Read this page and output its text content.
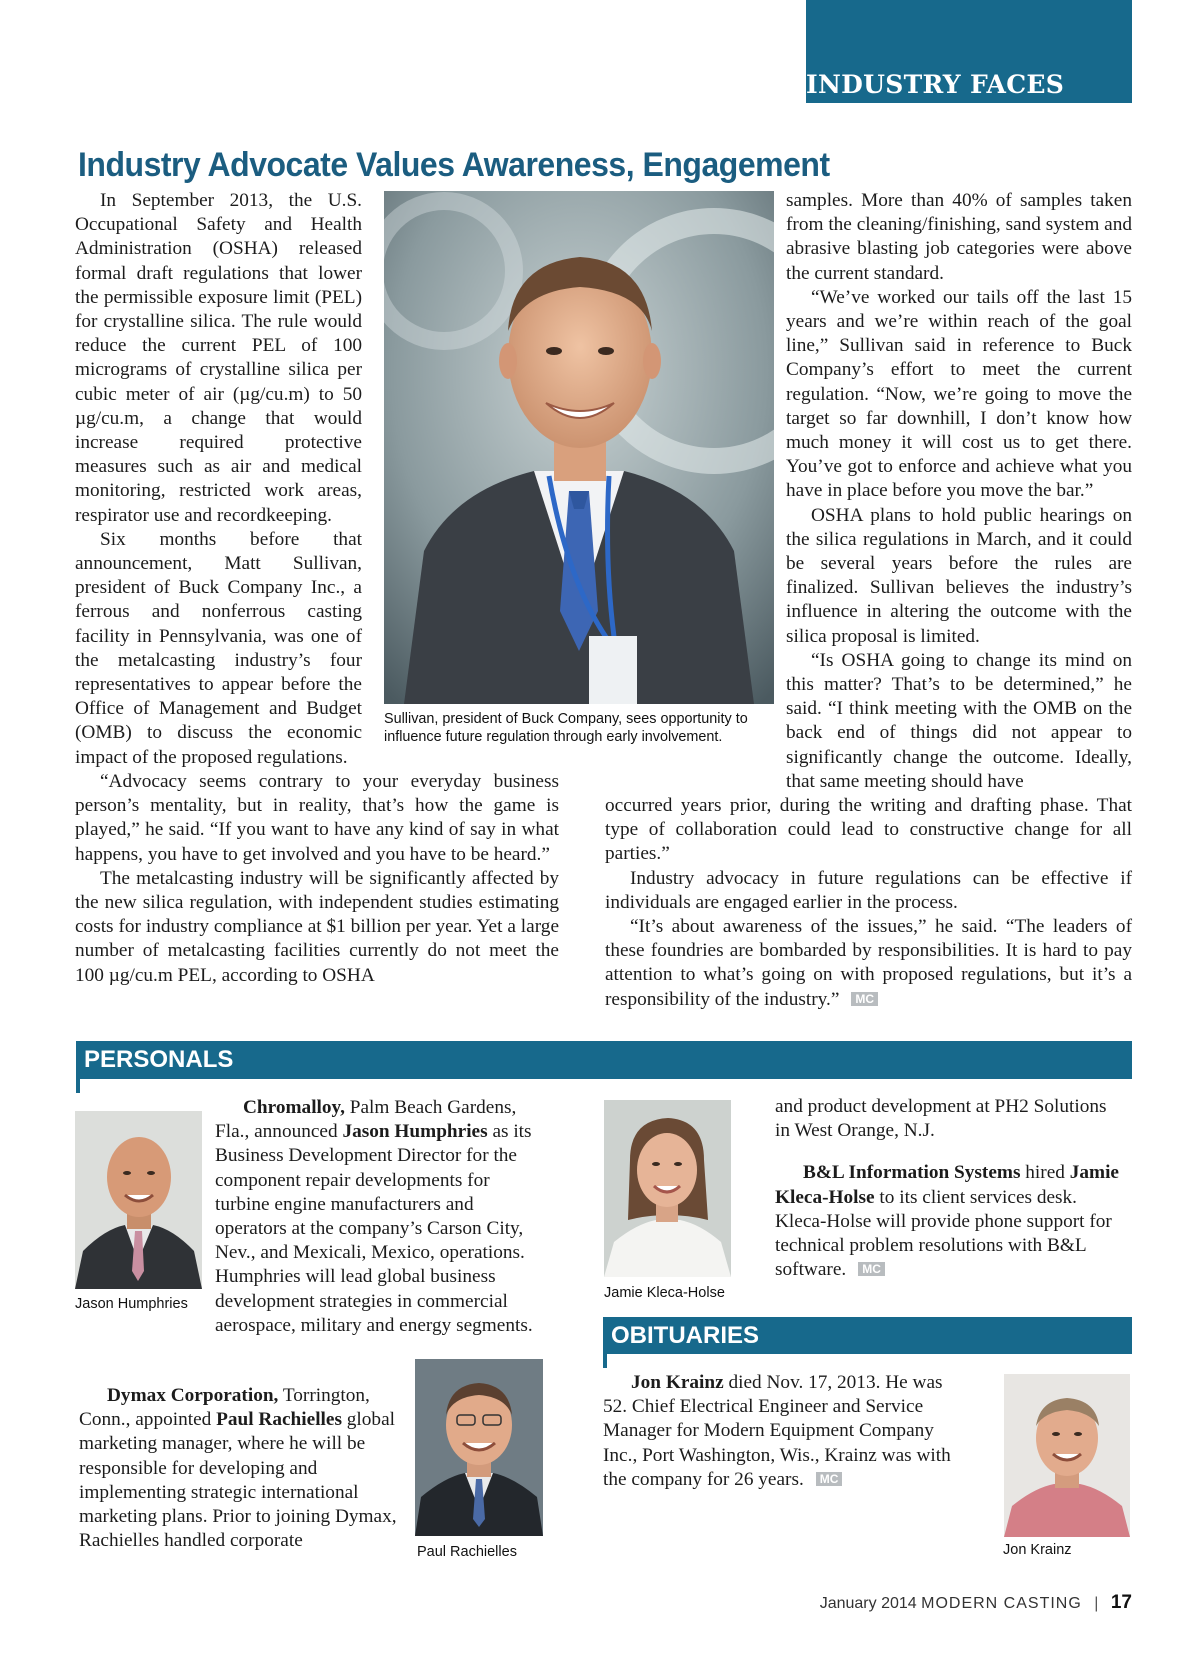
INDUSTRY FACES
Industry Advocate Values Awareness, Engagement

In September 2013, the U.S. Occupational Safety and Health Administration (OSHA) released formal draft regulations that lower the permissible exposure limit (PEL) for crystalline silica. The rule would reduce the current PEL of 100 micrograms of crystalline silica per cubic meter of air (µg/cu.m) to 50 µg/cu.m, a change that would increase required protective measures such as air and medical monitoring, restricted work areas, respirator use and recordkeeping.

Six months before that announcement, Matt Sullivan, president of Buck Company Inc., a ferrous and nonferrous casting facility in Pennsylvania, was one of the metalcasting industry’s four representatives to appear before the Office of Management and Budget (OMB) to discuss the economic impact of the proposed regulations.

“Advocacy seems contrary to your everyday business person’s mentality, but in reality, that’s how the game is played,” he said. “If you want to have any kind of say in what happens, you have to get involved and you have to be heard.”

The metalcasting industry will be significantly affected by the new silica regulation, with independent studies estimating costs for industry compliance at $1 billion per year. Yet a large number of metalcasting facilities currently do not meet the 100 µg/cu.m PEL, according to OSHA

Sullivan, president of Buck Company, sees opportunity to influence future regulation through early involvement.

samples. More than 40% of samples taken from the cleaning/finishing, sand system and abrasive blasting job categories were above the current standard.

“We’ve worked our tails off the last 15 years and we’re within reach of the goal line,” Sullivan said in reference to Buck Company’s effort to meet the current regulation. “Now, we’re going to move the target so far downhill, I don’t know how much money it will cost us to get there. You’ve got to enforce and achieve what you have in place before you move the bar.”

OSHA plans to hold public hearings on the silica regulations in March, and it could be several years before the rules are finalized. Sullivan believes the industry’s influence in altering the outcome with the silica proposal is limited.

“Is OSHA going to change its mind on this matter? That’s to be determined,” he said. “I think meeting with the OMB on the back end of things did not appear to significantly change the outcome. Ideally, that same meeting should have

occurred years prior, during the writing and drafting phase. That type of collaboration could lead to constructive change for all parties.”

Industry advocacy in future regulations can be effective if individuals are engaged earlier in the process.

“It’s about awareness of the issues,” he said. “The leaders of these foundries are bombarded by responsibilities. It is hard to pay attention to what’s going on with proposed regulations, but it’s a responsibility of the industry.” MC

PERSONALS
Jason Humphries

Chromalloy, Palm Beach Gardens, Fla., announced Jason Humphries as its Business Development Director for the component repair developments for turbine engine manufacturers and operators at the company’s Carson City, Nev., and Mexicali, Mexico, operations. Humphries will lead global business development strategies in commercial aerospace, military and energy segments.

Dymax Corporation, Torrington, Conn., appointed Paul Rachielles global marketing manager, where he will be responsible for developing and implementing strategic international marketing plans. Prior to joining Dymax, Rachielles handled corporate

Paul Rachielles
Jamie Kleca-Holse

and product development at PH2 Solutions in West Orange, N.J.

B&L Information Systems hired Jamie Kleca-Holse to its client services desk. Kleca-Holse will provide phone support for technical problem resolutions with B&L software. MC

OBITUARIES

Jon Krainz died Nov. 17, 2013. He was 52. Chief Electrical Engineer and Service Manager for Modern Equipment Company Inc., Port Washington, Wis., Krainz was with the company for 26 years. MC

Jon Krainz
January 2014 MODERN CASTING | 17
